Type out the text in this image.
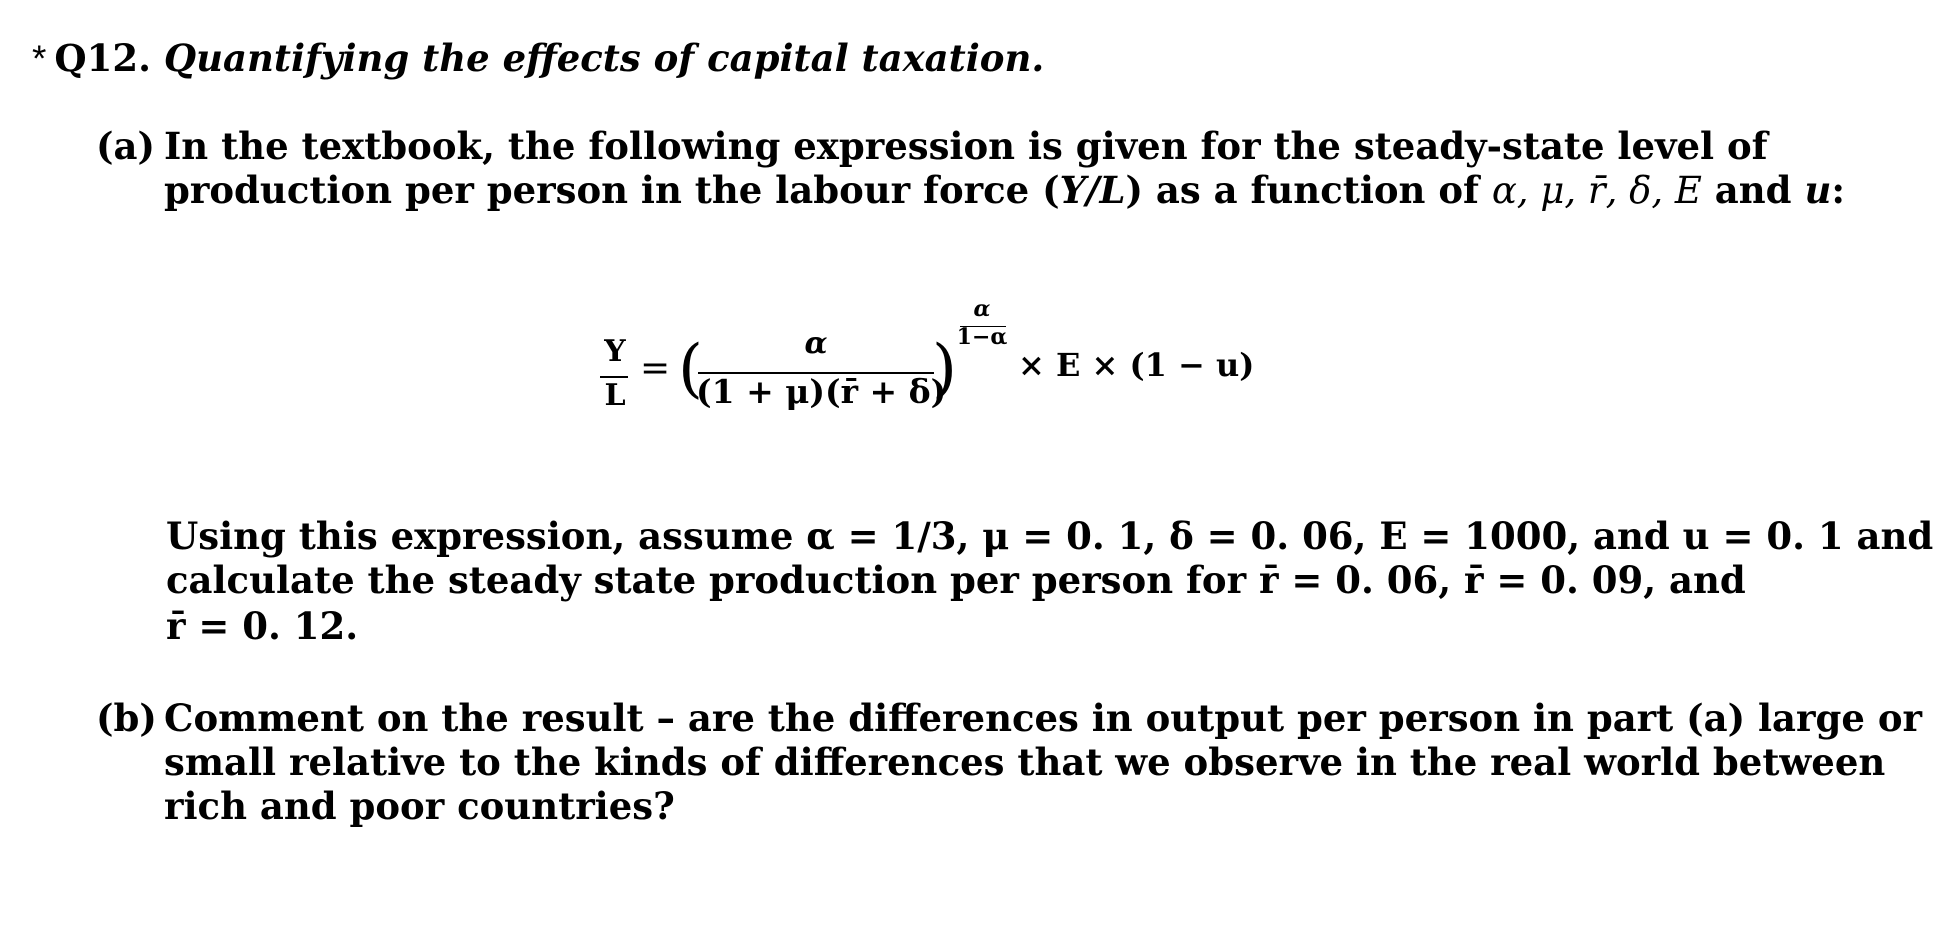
* Q12. Quantifying the effects of capital taxation.
(a) In the textbook, the following expression is given for the steady-state level of
production per person in the labour force (Y/L) as a function of α, μ, r̄, δ, E and u:
Y
L
= (	α
(1 + μ)(r̄ + δ)
)
α
1−α
× E × (1 − u)
Using this expression, assume α = 1/3, μ = 0. 1, δ = 0. 06, E = 1000, and u = 0. 1 and
calculate the steady state production per person for r̄ = 0. 06, r̄ = 0. 09, and
r̄ = 0. 12.
(b) Comment on the result – are the differences in output per person in part (a) large or
small relative to the kinds of differences that we observe in the real world between
rich and poor countries?
